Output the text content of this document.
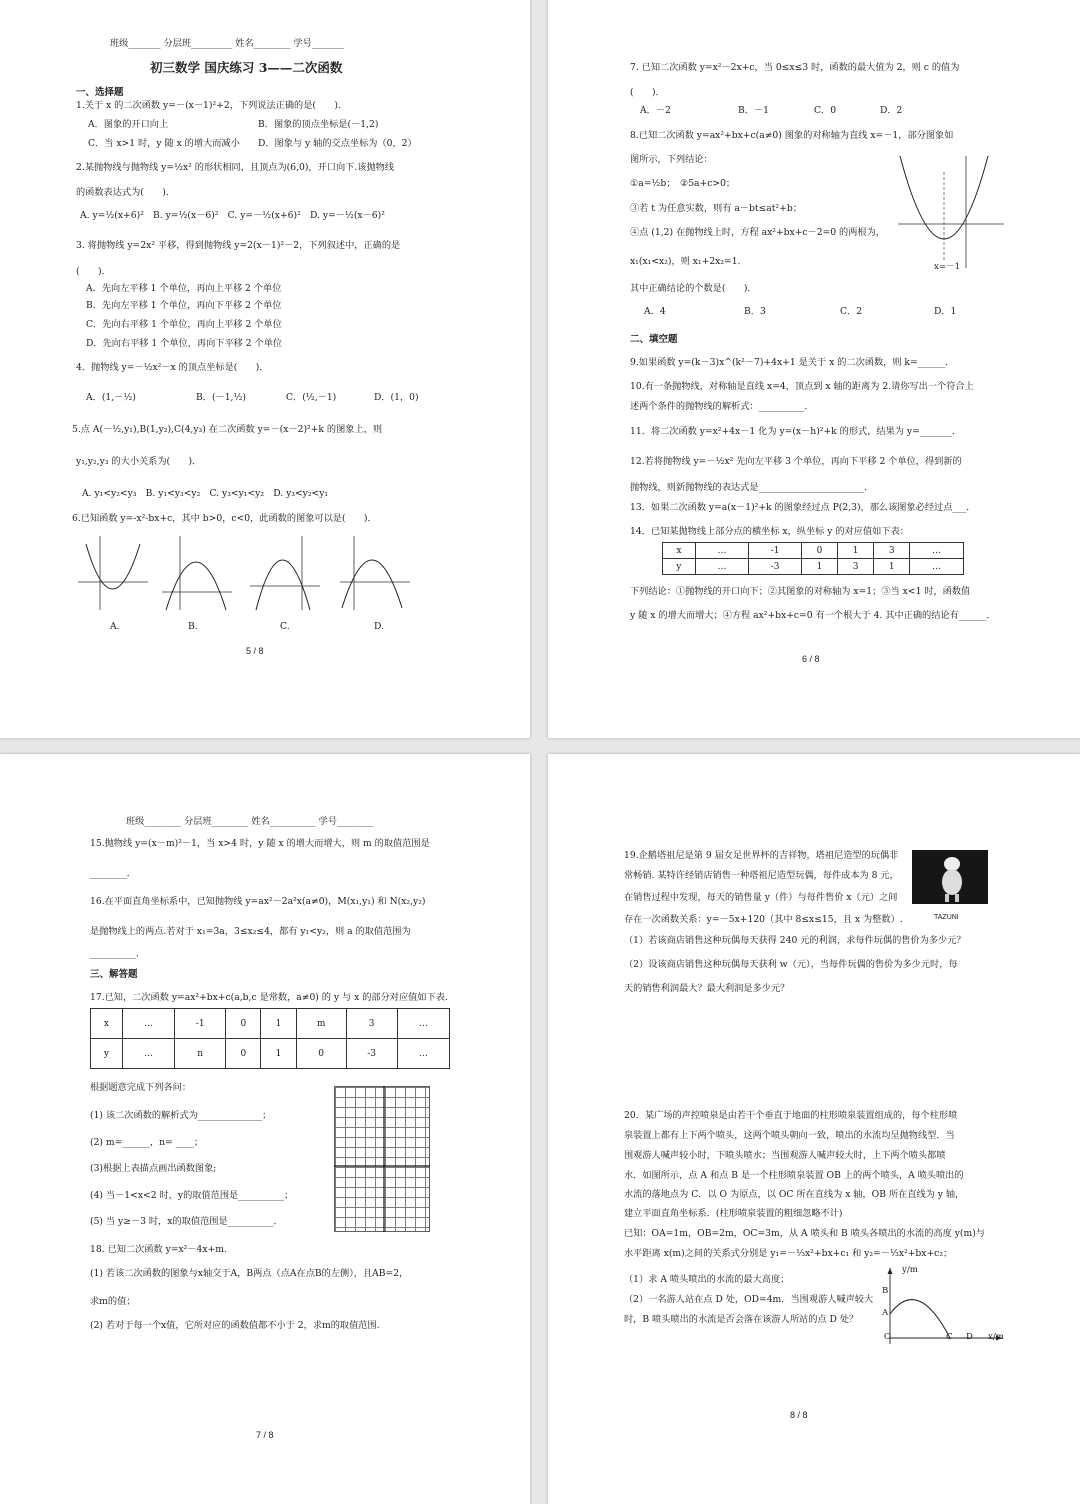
班级_______ 分层班_________ 姓名________ 学号_______
初三数学 国庆练习 3——二次函数
一、选择题
1.关于 x 的二次函数 y=－(x－1)²+2，下列说法正确的是(　　)．
A．图象的开口向上	B．图象的顶点坐标是(－1,2)
C．当 x>1 时，y 随 x 的增大而减小 D．图象与 y 轴的交点坐标为（0，2）
2.某抛物线与抛物线 y=½x² 的形状相同，且顶点为(6,0)，开口向下.该抛物线
的函数表达式为(　　)．
A. y=½(x+6)²　B. y=½(x－6)²　C. y=－½(x+6)²　D. y=－½(x－6)²
3. 将抛物线 y=2x² 平移，得到抛物线 y=2(x－1)²－2，下列叙述中，正确的是
(　　)．
A．先向左平移 1 个单位，再向上平移 2 个单位
B．先向左平移 1 个单位，再向下平移 2 个单位
C．先向右平移 1 个单位，再向上平移 2 个单位
D．先向右平移 1 个单位，再向下平移 2 个单位
4．抛物线 y=－½x²－x 的顶点坐标是(　　)．
A．(1,－½)	B．(－1,½)	C．(½,－1)	D．(1，0)
5.点 A(－½,y₁),B(1,y₂),C(4,y₃) 在二次函数 y=－(x－2)²+k 的图象上，则
y₁,y₂,y₃ 的大小关系为(　　)．
A. y₁<y₂<y₃　B. y₁<y₃<y₂　C. y₃<y₁<y₂　D. y₃<y₂<y₁
6.已知函数 y=-x²-bx+c，其中 b>0，c<0，此函数的图象可以是(　　)．
A.	B.	C.	D.
5 / 8
7. 已知二次函数 y=x²－2x+c，当 0≤x≤3 时，函数的最大值为 2，则 c 的值为
(　　)．
A．－2	B．－1	C．0	D．2
8.已知二次函数 y=ax²+bx+c(a≠0) 图象的对称轴为直线 x=－1，部分图象如
图所示，下列结论：
①a=½b；　②5a+c>0；
③若 t 为任意实数，则有 a－bt≤at²+b；
④点 (1,2) 在抛物线上时，方程 ax²+bx+c－2=0 的两根为，
x₁(x₁<x₂)，则 x₁+2x₂=1．
其中正确结论的个数是(　　)．
A．4	B．3	C．2	D．1
x=－1
二、填空题
9.如果函数 y=(k－3)x^(k²－7)+4x+1 是关于 x 的二次函数，则 k=______．
10.有一条抛物线，对称轴是直线 x=4，顶点到 x 轴的距离为 2.请你写出一个符合上
述两个条件的抛物线的解析式：__________．
11．将二次函数 y=x²+4x－1 化为 y=(x－h)²+k 的形式，结果为 y=_______．
12.若将抛物线 y=－½x² 先向左平移 3 个单位，再向下平移 2 个单位，得到新的
抛物线，则新抛物线的表达式是_______________________．
13．如果二次函数 y=a(x－1)²+k 的图象经过点 P(2,3)，那么该图象必经过点___．
14．已知某抛物线上部分点的横坐标 x，纵坐标 y 的对应值如下表：
x	…	-1	0	1	3	…
y	…	-3	1	3	1	…
下列结论：①抛物线的开口向下；②其图象的对称轴为 x=1；③当 x<1 时，函数值
y 随 x 的增大而增大；④方程 ax²+bx+c=0 有一个根大于 4. 其中正确的结论有______．
6 / 8
班级________ 分层班________ 姓名__________ 学号________
15.抛物线 y=(x－m)²－1，当 x>4 时，y 随 x 的增大而增大，则 m 的取值范围是
________．
16.在平面直角坐标系中，已知抛物线 y=ax²－2a²x(a≠0)，M(x₁,y₁) 和 N(x₂,y₂)
是抛物线上的两点.若对于 x₁=3a，3≤x₂≤4，都有 y₁<y₂，则 a 的取值范围为
__________．
三、解答题
17.已知，二次函数 y=ax²+bx+c(a,b,c 是常数，a≠0) 的 y 与 x 的部分对应值如下表.
x	…	-1	0	1	m	3	…
y	…	n	0	1	0	-3	…
根据题意完成下列各问：
(1) 该二次函数的解析式为______________；
(2) m=______，n= ____；
(3)根据上表描点画出函数图象;
(4) 当－1<x<2 时，y的取值范围是__________；
(5) 当 y≥－3 时，x的取值范围是__________．
18. 已知二次函数 y=x²－4x+m.
(1) 若该二次函数的图象与x轴交于A，B两点（点A在点B的左侧），且AB=2，
求m的值；
(2) 若对于每一个x值，它所对应的函数值都不小于 2，求m的取值范围.
7 / 8
19.企鹅塔祖尼是第 9 届女足世界杯的吉祥物，塔祖尼造型的玩偶非
常畅销. 某特许经销店销售一种塔祖尼造型玩偶，每件成本为 8 元，
在销售过程中发现，每天的销售量 y（件）与每件售价 x（元）之间
存在一次函数关系：y=－5x+120（其中 8≤x≤15，且 x 为整数）.	TAZUNI
（1）若该商店销售这种玩偶每天获得 240 元的利润，求每件玩偶的售价为多少元？
（2）设该商店销售这种玩偶每天获利 w（元），当每件玩偶的售价为多少元时，每
天的销售利润最大？最大利润是多少元？
20．某广场的声控喷泉是由若干个垂直于地面的柱形喷泉装置组成的，每个柱形喷
泉装置上都有上下两个喷头，这两个喷头朝向一致，喷出的水流均呈抛物线型．当
围观游人喊声较小时，下喷头喷水；当围观游人喊声较大时，上下两个喷头都喷
水．如图所示，点 A 和点 B 是一个柱形喷泉装置 OB 上的两个喷头，A 喷头喷出的
水流的落地点为 C．以 O 为原点，以 OC 所在直线为 x 轴，OB 所在直线为 y 轴，
建立平面直角坐标系．(柱形喷泉装置的粗细忽略不计)
已知：OA=1m，OB=2m，OC=3m，从 A 喷头和 B 喷头各喷出的水流的高度 y(m)与
水平距离 x(m)之间的关系式分别是 y₁=－⅓x²+bx+c₁ 和 y₂=－⅓x²+bx+c₂；
（1）求 A 喷头喷出的水流的最大高度；
（2）一名游人站在点 D 处，OD=4m．当围观游人喊声较大
时，B 喷头喷出的水流是否会落在该游人所站的点 D 处？
y/m
x/m
B
A
O	C D
8 / 8
